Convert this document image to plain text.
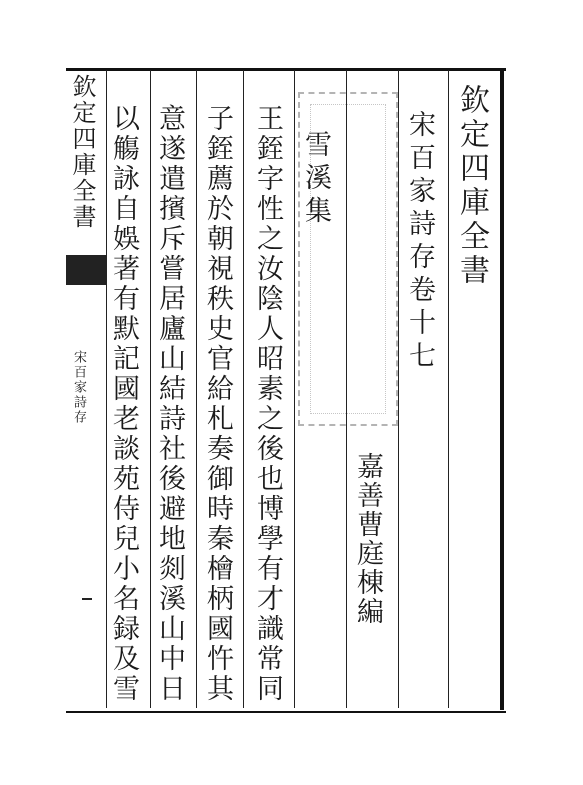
欽定四庫全書
宋百家詩存
欽定四庫全書
宋百家詩存卷十七
嘉善曹庭棟編
雪溪集
王銍字性之汝陰人昭素之後也博學有才識常同
子銍薦於朝視秩史官給札奏御時秦檜柄國忤其
意遂遣擯斥嘗居廬山結詩社後避地剡溪山中日
以觴詠自娛著有默記國老談苑侍兒小名録及雪
